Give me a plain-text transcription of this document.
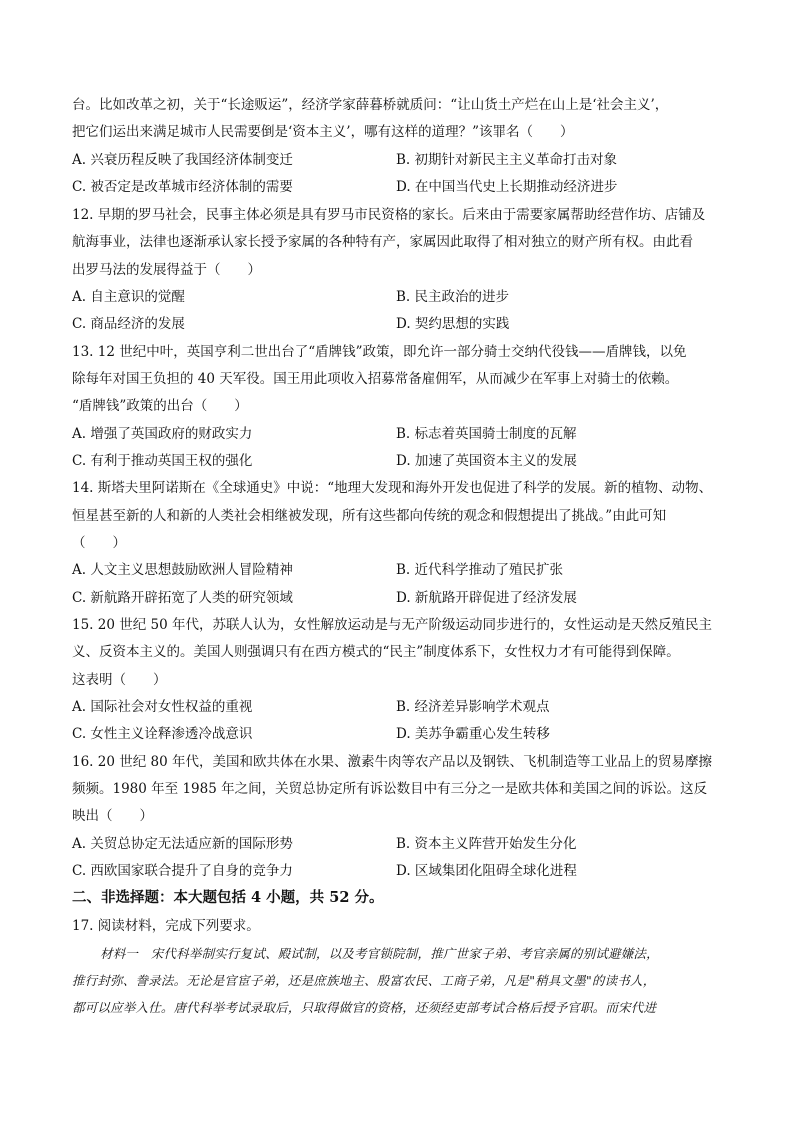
台。比如改革之初，关于“长途贩运”，经济学家薛暮桥就质问：“让山货土产烂在山上是‘社会主义’，
把它们运出来满足城市人民需要倒是‘资本主义’，哪有这样的道理？”该罪名（　　）
A. 兴衰历程反映了我国经济体制变迁	B. 初期针对新民主主义革命打击对象
C. 被否定是改革城市经济体制的需要	D. 在中国当代史上长期推动经济进步
12. 早期的罗马社会，民事主体必须是具有罗马市民资格的家长。后来由于需要家属帮助经营作坊、店铺及
航海事业，法律也逐渐承认家长授予家属的各种特有产，家属因此取得了相对独立的财产所有权。由此看
出罗马法的发展得益于（　　）
A. 自主意识的觉醒	B. 民主政治的进步
C. 商品经济的发展	D. 契约思想的实践
13. 12 世纪中叶，英国亨利二世出台了“盾牌钱”政策，即允许一部分骑士交纳代役钱——盾牌钱，以免
除每年对国王负担的 40 天军役。国王用此项收入招募常备雇佣军，从而减少在军事上对骑士的依赖。
“盾牌钱”政策的出台（　　）
A. 增强了英国政府的财政实力	B. 标志着英国骑士制度的瓦解
C. 有利于推动英国王权的强化	D. 加速了英国资本主义的发展
14. 斯塔夫里阿诺斯在《全球通史》中说：“地理大发现和海外开发也促进了科学的发展。新的植物、动物、
恒星甚至新的人和新的人类社会相继被发现，所有这些都向传统的观念和假想提出了挑战。”由此可知
（　　）
A. 人文主义思想鼓励欧洲人冒险精神	B. 近代科学推动了殖民扩张
C. 新航路开辟拓宽了人类的研究领域	D. 新航路开辟促进了经济发展
15. 20 世纪 50 年代，苏联人认为，女性解放运动是与无产阶级运动同步进行的，女性运动是天然反殖民主
义、反资本主义的。美国人则强调只有在西方模式的“民主”制度体系下，女性权力才有可能得到保障。
这表明（　　）
A. 国际社会对女性权益的重视	B. 经济差异影响学术观点
C. 女性主义诠释渗透冷战意识	D. 美苏争霸重心发生转移
16. 20 世纪 80 年代，美国和欧共体在水果、激素牛肉等农产品以及钢铁、飞机制造等工业品上的贸易摩擦
频频。1980 年至 1985 年之间，关贸总协定所有诉讼数目中有三分之一是欧共体和美国之间的诉讼。这反
映出（　　）
A. 关贸总协定无法适应新的国际形势	B. 资本主义阵营开始发生分化
C. 西欧国家联合提升了自身的竞争力	D. 区域集团化阻碍全球化进程
二、非选择题：本大题包括 4 小题，共 52 分。
17. 阅读材料，完成下列要求。
材料一　宋代科举制实行复试、殿试制，以及考官锁院制，推广世家子弟、考官亲属的别试避嫌法，
推行封弥、誊录法。无论是官宦子弟，还是庶族地主、殷富农民、工商子弟，凡是"稍具文墨"的读书人，
都可以应举入仕。唐代科举考试录取后，只取得做官的资格，还须经吏部考试合格后授予官职。而宋代进
